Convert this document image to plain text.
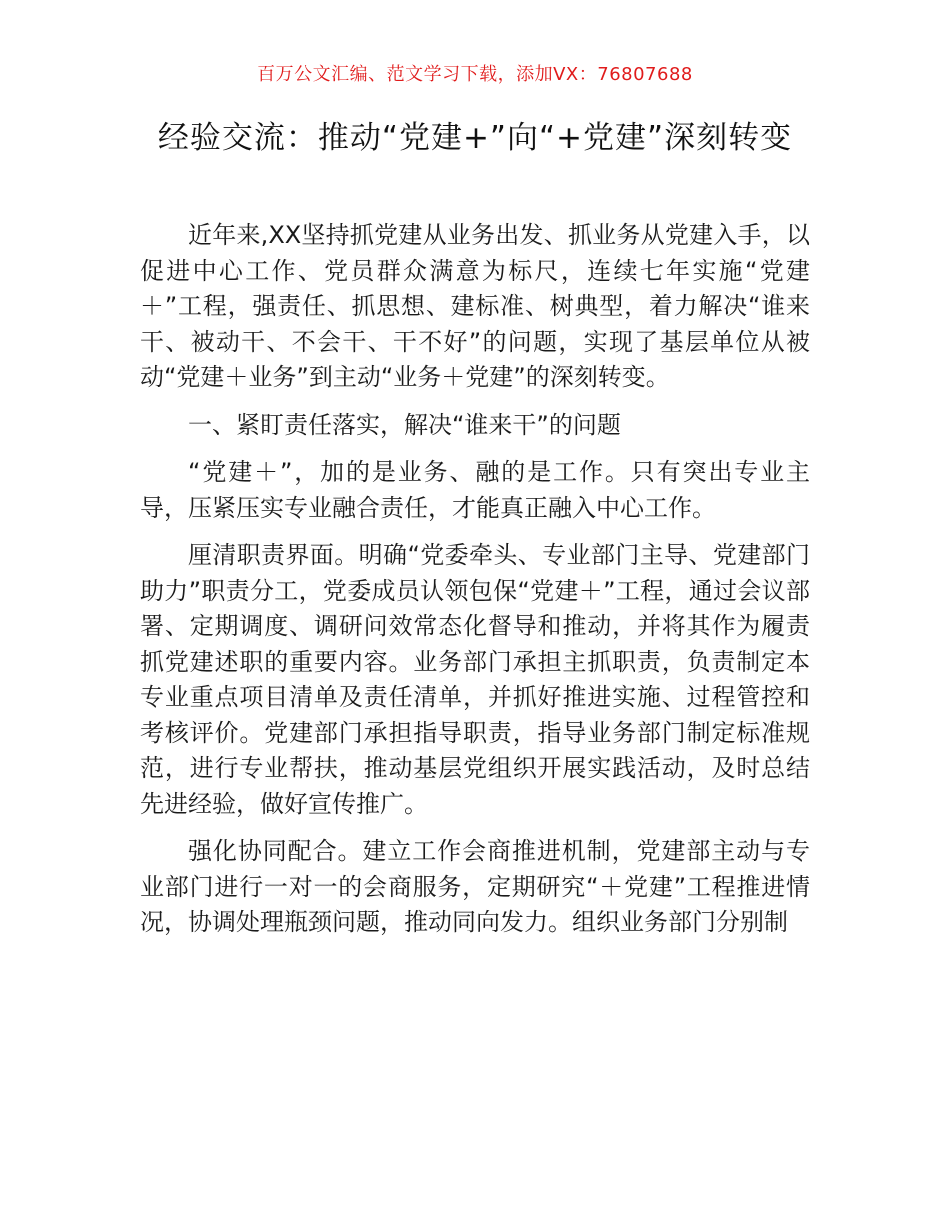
百万公文汇编、范文学习下载，添加VX：76807688
经验交流：推动“党建+”向“+党建”深刻转变

近年来,XX坚持抓党建从业务出发、抓业务从党建入手，以促进中心工作、党员群众满意为标尺，连续七年实施“党建＋”工程，强责任、抓思想、建标准、树典型，着力解决“谁来干、被动干、不会干、干不好”的问题，实现了基层单位从被动“党建＋业务”到主动“业务＋党建”的深刻转变。

一、紧盯责任落实，解决“谁来干”的问题

“党建＋”，加的是业务、融的是工作。只有突出专业主导，压紧压实专业融合责任，才能真正融入中心工作。

厘清职责界面。明确“党委牵头、专业部门主导、党建部门助力”职责分工，党委成员认领包保“党建＋”工程，通过会议部署、定期调度、调研问效常态化督导和推动，并将其作为履责抓党建述职的重要内容。业务部门承担主抓职责，负责制定本专业重点项目清单及责任清单，并抓好推进实施、过程管控和考核评价。党建部门承担指导职责，指导业务部门制定标准规范，进行专业帮扶，推动基层党组织开展实践活动，及时总结先进经验，做好宣传推广。

强化协同配合。建立工作会商推进机制，党建部主动与专业部门进行一对一的会商服务，定期研究“＋党建”工程推进情况，协调处理瓶颈问题，推动同向发力。组织业务部门分别制
